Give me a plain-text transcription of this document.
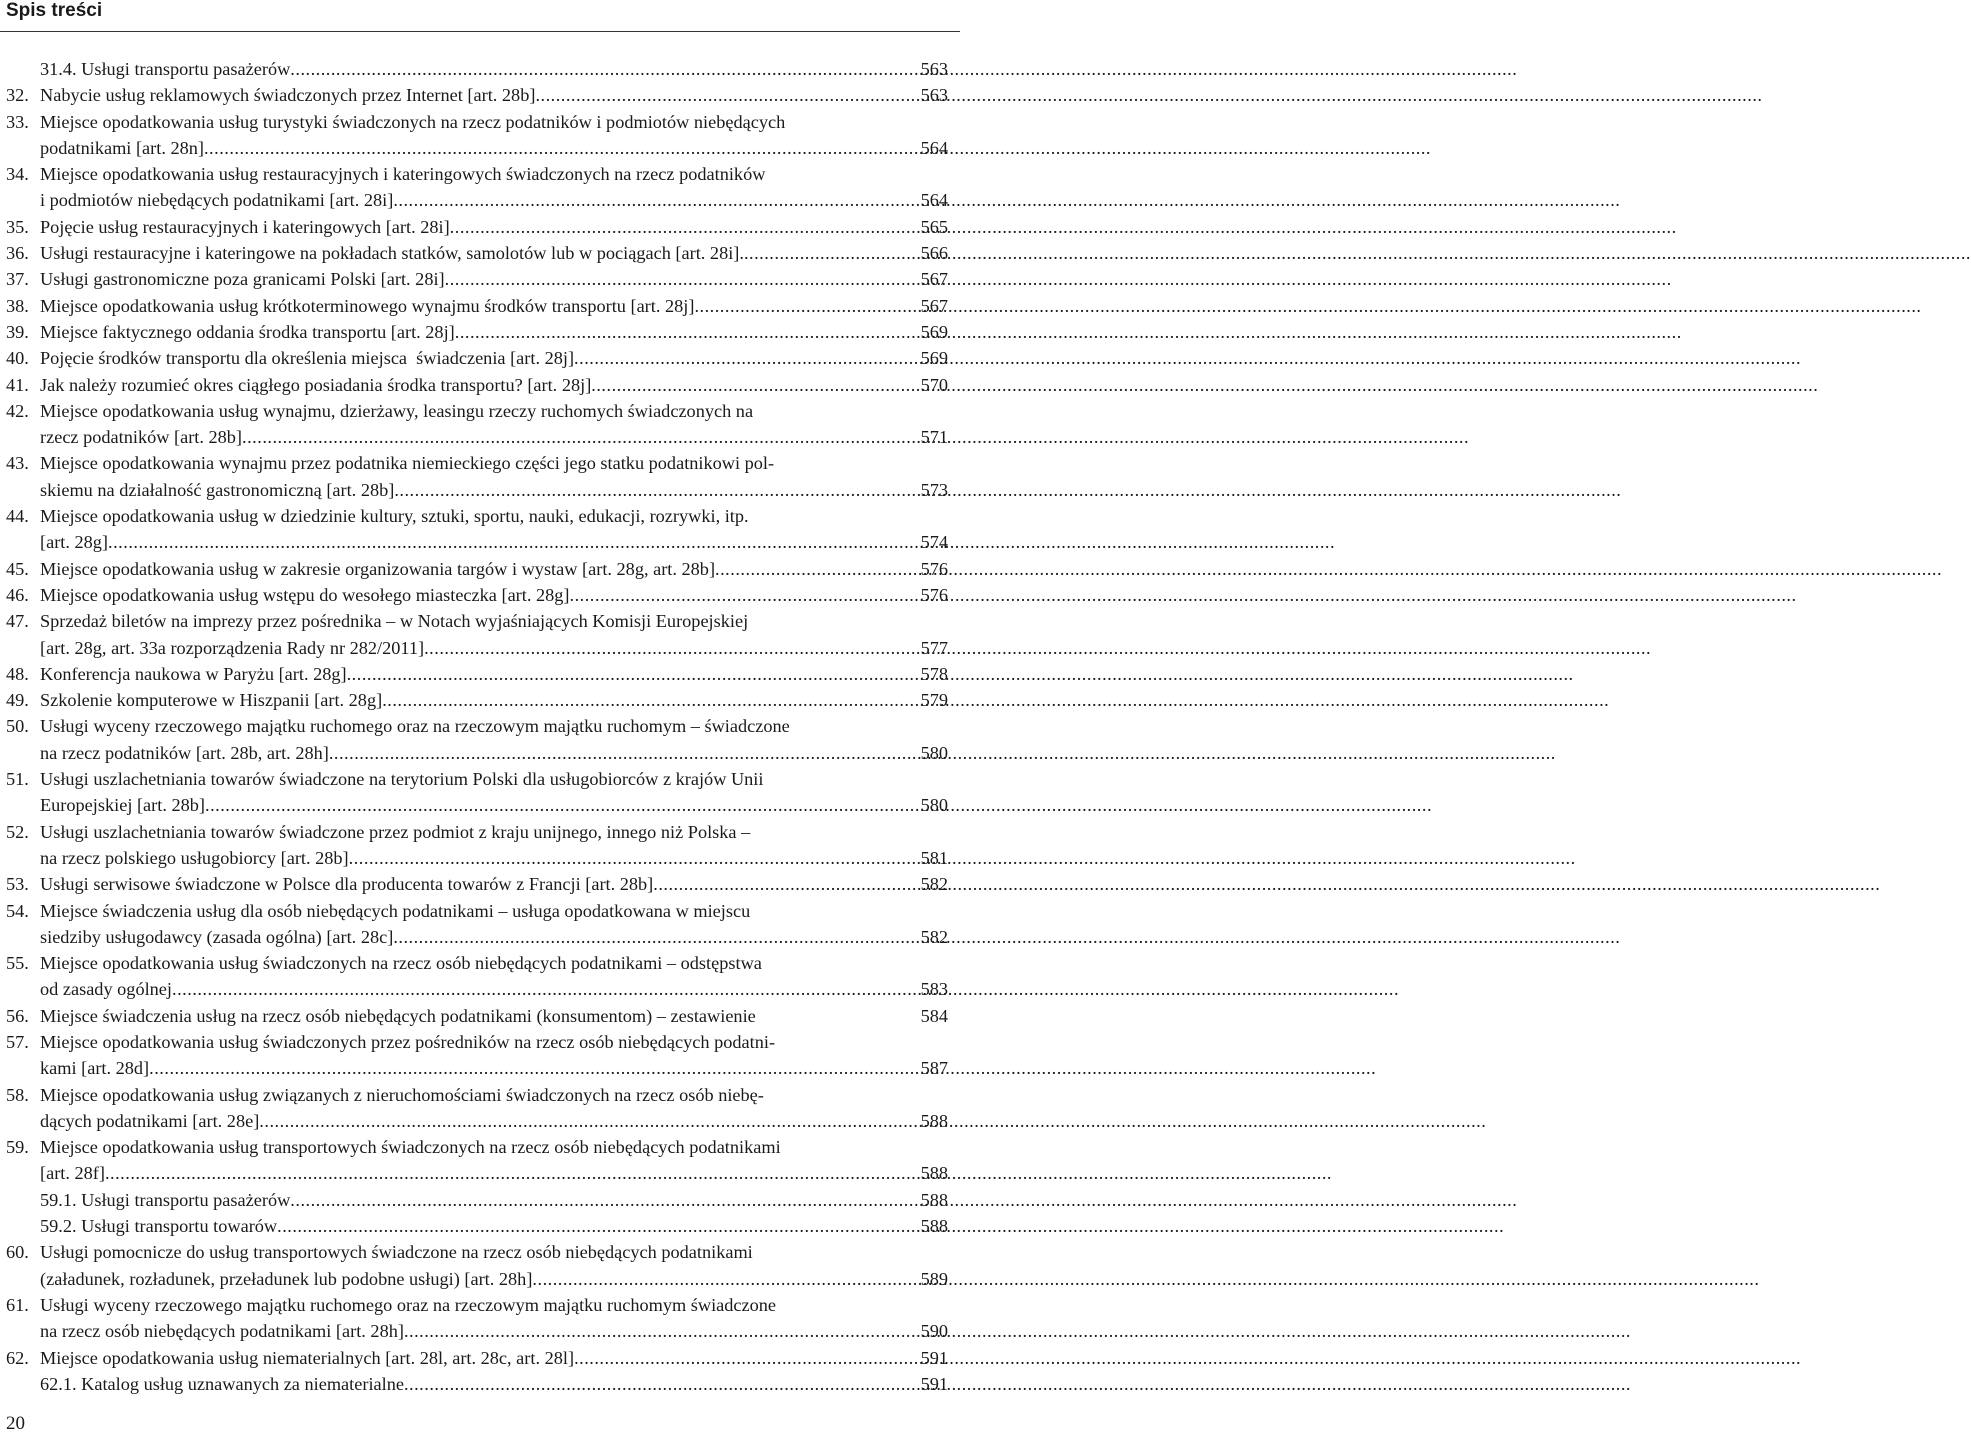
Spis treści
31.4. Usługi transportu pasażerów .....	563
32. Nabycie usług reklamowych świadczonych przez Internet [art. 28b] .....	563
33. Miejsce opodatkowania usług turystyki świadczonych na rzecz podatników i podmiotów niebędących
podatnikami [art. 28n] .....	564
34. Miejsce opodatkowania usług restauracyjnych i kateringowych świadczonych na rzecz podatników
i podmiotów niebędących podatnikami [art. 28i] .....	564
35. Pojęcie usług restauracyjnych i kateringowych [art. 28i] .....	565
36. Usługi restauracyjne i kateringowe na pokładach statków, samolotów lub w pociągach [art. 28i]. .....	566
37. Usługi gastronomiczne poza granicami Polski [art. 28i] .....	567
38. Miejsce opodatkowania usług krótkoterminowego wynajmu środków transportu [art. 28j] .....	567
39. Miejsce faktycznego oddania środka transportu [art. 28j] .....	569
40. Pojęcie środków transportu dla określenia miejsca  świadczenia [art. 28j] .....	569
41. Jak należy rozumieć okres ciągłego posiadania środka transportu? [art. 28j] .....	570
42. Miejsce opodatkowania usług wynajmu, dzierżawy, leasingu rzeczy ruchomych świadczonych na
rzecz podatników [art. 28b] .....	571
43. Miejsce opodatkowania wynajmu przez podatnika niemieckiego części jego statku podatnikowi pol-
skiemu na działalność gastronomiczną [art. 28b] .....	573
44. Miejsce opodatkowania usług w dziedzinie kultury, sztuki, sportu, nauki, edukacji, rozrywki, itp.
[art. 28g] .....	574
45. Miejsce opodatkowania usług w zakresie organizowania targów i wystaw [art. 28g, art. 28b] .....	576
46. Miejsce opodatkowania usług wstępu do wesołego miasteczka [art. 28g] .....	576
47. Sprzedaż biletów na imprezy przez pośrednika – w Notach wyjaśniających Komisji Europejskiej
[art. 28g, art. 33a rozporządzenia Rady nr 282/2011] .....	577
48. Konferencja naukowa w Paryżu [art. 28g] .....	578
49. Szkolenie komputerowe w Hiszpanii [art. 28g] .....	579
50. Usługi wyceny rzeczowego majątku ruchomego oraz na rzeczowym majątku ruchomym – świadczone
na rzecz podatników [art. 28b, art. 28h] .....	580
51. Usługi uszlachetniania towarów świadczone na terytorium Polski dla usługobiorców z krajów Unii
Europejskiej [art. 28b] .....	580
52. Usługi uszlachetniania towarów świadczone przez podmiot z kraju unijnego, innego niż Polska –
na rzecz polskiego usługobiorcy [art. 28b] .....	581
53. Usługi serwisowe świadczone w Polsce dla producenta towarów z Francji [art. 28b] .....	582
54. Miejsce świadczenia usług dla osób niebędących podatnikami – usługa opodatkowana w miejscu
siedziby usługodawcy (zasada ogólna) [art. 28c] .....	582
55. Miejsce opodatkowania usług świadczonych na rzecz osób niebędących podatnikami – odstępstwa
od zasady ogólnej .....	583
56. Miejsce świadczenia usług na rzecz osób niebędących podatnikami (konsumentom) – zestawienie	584
57. Miejsce opodatkowania usług świadczonych przez pośredników na rzecz osób niebędących podatni-
kami [art. 28d] .....	587
58. Miejsce opodatkowania usług związanych z nieruchomościami świadczonych na rzecz osób niebę-
dących podatnikami [art. 28e] .....	588
59. Miejsce opodatkowania usług transportowych świadczonych na rzecz osób niebędących podatnikami
[art. 28f] .....	588
59.1. Usługi transportu pasażerów .....	588
59.2. Usługi transportu towarów .....	588
60. Usługi pomocnicze do usług transportowych świadczone na rzecz osób niebędących podatnikami
(załadunek, rozładunek, przeładunek lub podobne usługi) [art. 28h] .....	589
61. Usługi wyceny rzeczowego majątku ruchomego oraz na rzeczowym majątku ruchomym świadczone
na rzecz osób niebędących podatnikami [art. 28h] .....	590
62. Miejsce opodatkowania usług niematerialnych [art. 28l, art. 28c, art. 28l] .....	591
62.1. Katalog usług uznawanych za niematerialne .....	591
20
